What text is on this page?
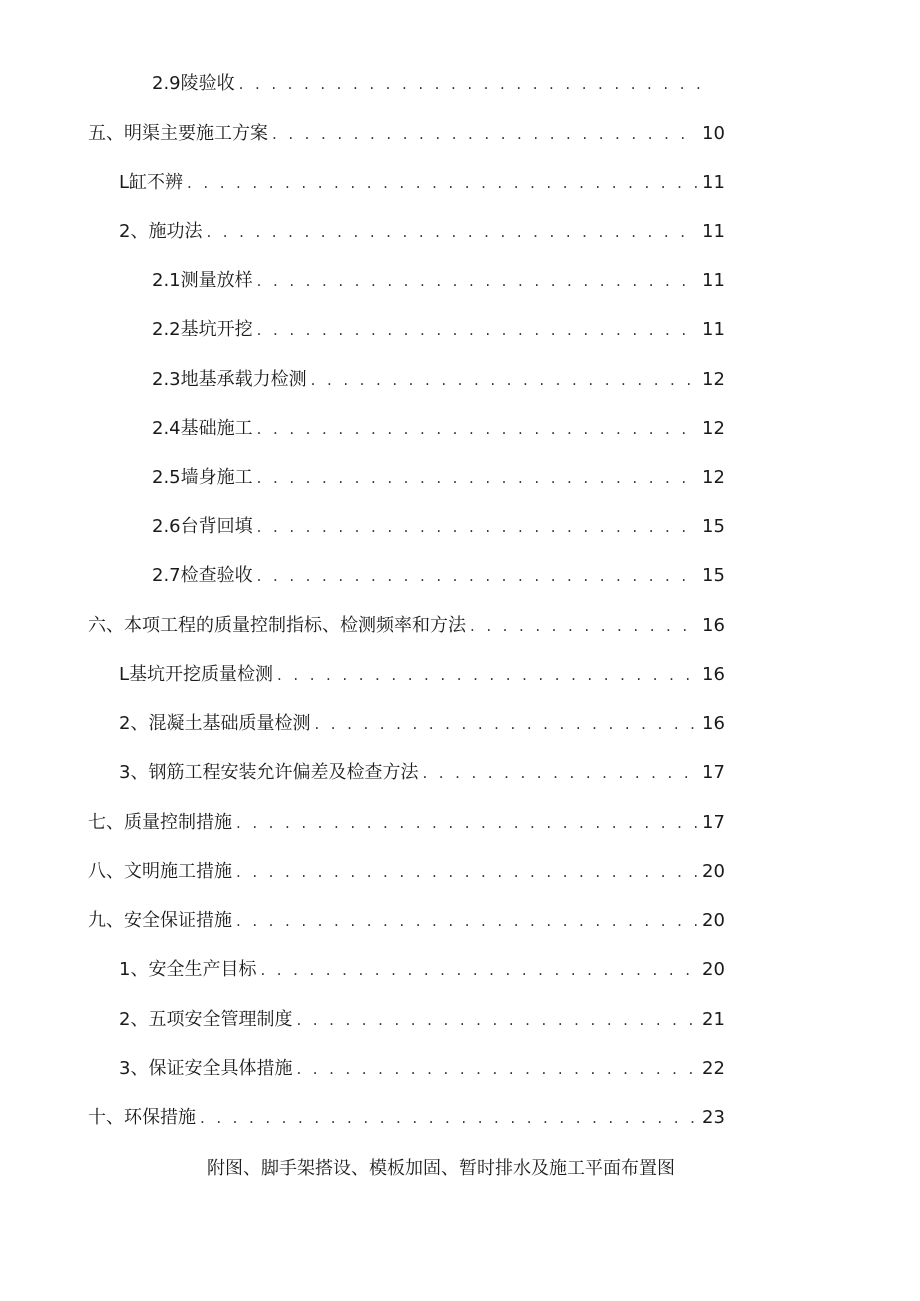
2.9 陵验收
. . .
五、明渠主要施工方案 . . .	10
L缸不辨 . . .	11
2、 施功法 . . .	11
2.1 测量放样 . . .	11
2.2 基坑开挖 . . .	11
2.3 地基承载力检测 . . .	12
2.4 基础施工 . . .	12
2.5 墙身施工 . . .	12
2.6 台背回填 . . .	15
2.7 检查验收 . . .	15
六、本项工程的质量控制指标、检测频率和方法 . . .	16
L基坑开挖质量检测 . . .	16
2、混凝土基础质量检测 . . .	16
3、钢筋工程安装允许偏差及检查方法 . . .	17
七、质量控制措施 . . .	17
八、文明施工措施 . . .	20
九、安全保证措施 . . .	20
1、安全生产目标 . . .	20
2、五项安全管理制度 . . .	21
3、保证安全具体措施 . . .	22
十、环保措施 . . .	23
附图、脚手架搭设、模板加固、暂时排水及施工平面布置图
